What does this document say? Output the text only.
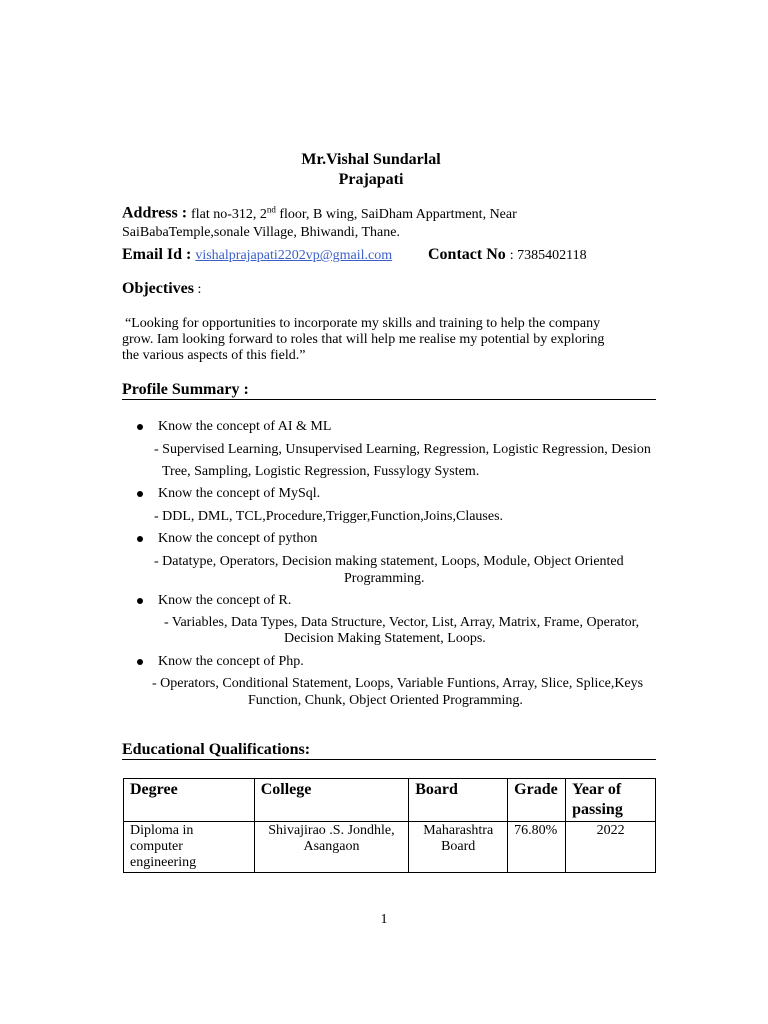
Mr.Vishal Sundarlal
Prajapati
Address : flat no-312, 2nd floor, B wing, SaiDham Appartment, Near
SaiBabaTemple,sonale Village, Bhiwandi, Thane.
Email Id : vishalprajapati2202vp@gmail.com Contact No : 7385402118
Objectives :
“Looking for opportunities to incorporate my skills and training to help the company
grow. Iam looking forward to roles that will help me realise my potential by exploring
the various aspects of this field.”
Profile Summary :
Know the concept of AI & ML
- Supervised Learning, Unsupervised Learning, Regression, Logistic Regression, Desion
Tree, Sampling, Logistic Regression, Fussylogy System.
Know the concept of MySql.
- DDL, DML, TCL,Procedure,Trigger,Function,Joins,Clauses.
Know the concept of python
- Datatype, Operators, Decision making statement, Loops, Module, Object Oriented
Programming.
Know the concept of R.
- Variables, Data Types, Data Structure, Vector, List, Array, Matrix, Frame, Operator,
Decision Making Statement, Loops.
Know the concept of Php.
- Operators, Conditional Statement, Loops, Variable Funtions, Array, Slice, Splice,Keys
Function, Chunk, Object Oriented Programming.
Educational Qualifications:
Degree	College	Board	Grade	Year of passing
Diploma in computer engineering	Shivajirao .S. Jondhle, Asangaon	Maharashtra Board	76.80%	2022
1
